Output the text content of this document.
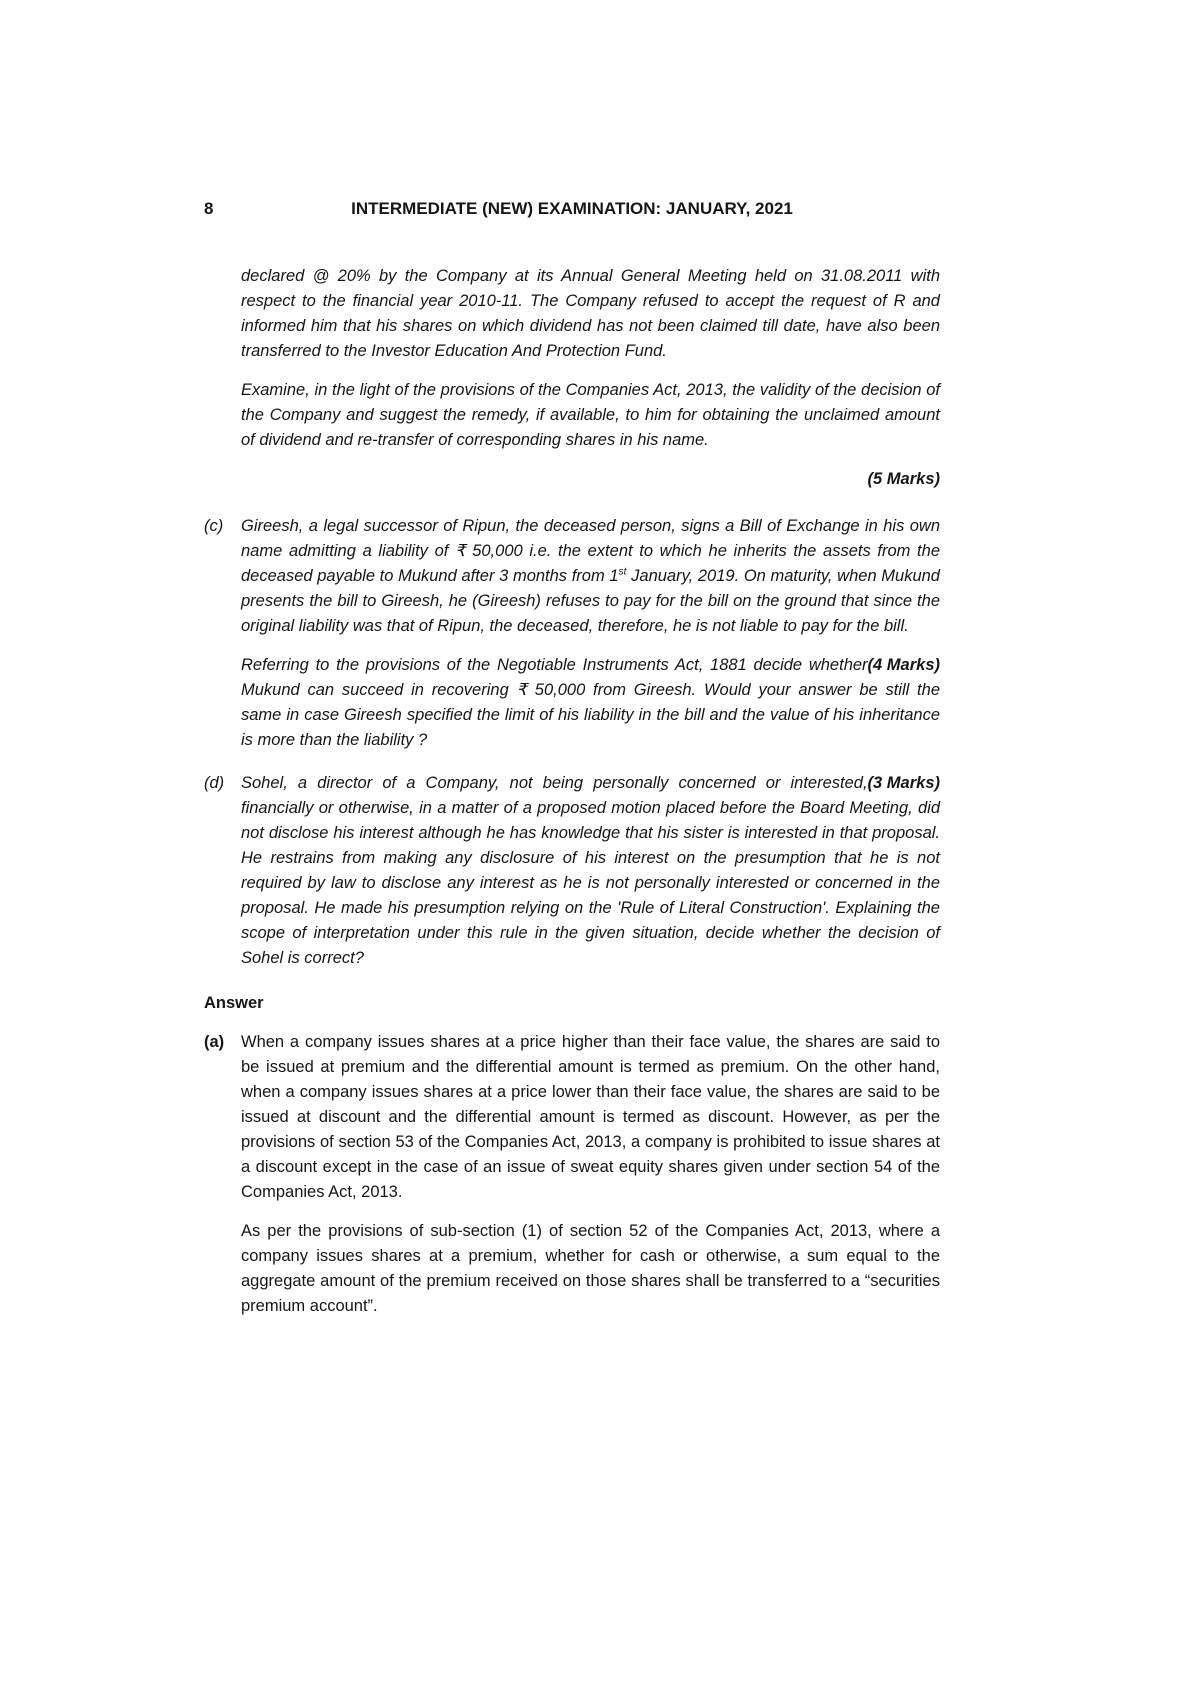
8	INTERMEDIATE (NEW) EXAMINATION: JANUARY, 2021

declared @ 20% by the Company at its Annual General Meeting held on 31.08.2011 with respect to the financial year 2010-11. The Company refused to accept the request of R and informed him that his shares on which dividend has not been claimed till date, have also been transferred to the Investor Education And Protection Fund.

Examine, in the light of the provisions of the Companies Act, 2013, the validity of the decision of the Company and suggest the remedy, if available, to him for obtaining the unclaimed amount of dividend and re-transfer of corresponding shares in his name.

(5 Marks)
(c)	Gireesh, a legal successor of Ripun, the deceased person, signs a Bill of Exchange in his own name admitting a liability of ₹ 50,000 i.e. the extent to which he inherits the assets from the deceased payable to Mukund after 3 months from 1st January, 2019. On maturity, when Mukund presents the bill to Gireesh, he (Gireesh) refuses to pay for the bill on the ground that since the original liability was that of Ripun, the deceased, therefore, he is not liable to pay for the bill.

(4 Marks)
Referring to the provisions of the Negotiable Instruments Act, 1881 decide whether Mukund can succeed in recovering ₹ 50,000 from Gireesh. Would your answer be still the same in case Gireesh specified the limit of his liability in the bill and the value of his inheritance is more than the liability ?

(d)	(3 Marks)
Sohel, a director of a Company, not being personally concerned or interested, financially or otherwise, in a matter of a proposed motion placed before the Board Meeting, did not disclose his interest although he has knowledge that his sister is interested in that proposal. He restrains from making any disclosure of his interest on the presumption that he is not required by law to disclose any interest as he is not personally interested or concerned in the proposal. He made his presumption relying on the 'Rule of Literal Construction'. Explaining the scope of interpretation under this rule in the given situation, decide whether the decision of Sohel is correct?

Answer
(a)	When a company issues shares at a price higher than their face value, the shares are said to be issued at premium and the differential amount is termed as premium. On the other hand, when a company issues shares at a price lower than their face value, the shares are said to be issued at discount and the differential amount is termed as discount. However, as per the provisions of section 53 of the Companies Act, 2013, a company is prohibited to issue shares at a discount except in the case of an issue of sweat equity shares given under section 54 of the Companies Act, 2013.

As per the provisions of sub-section (1) of section 52 of the Companies Act, 2013, where a company issues shares at a premium, whether for cash or otherwise, a sum equal to the aggregate amount of the premium received on those shares shall be transferred to a “securities premium account”.
